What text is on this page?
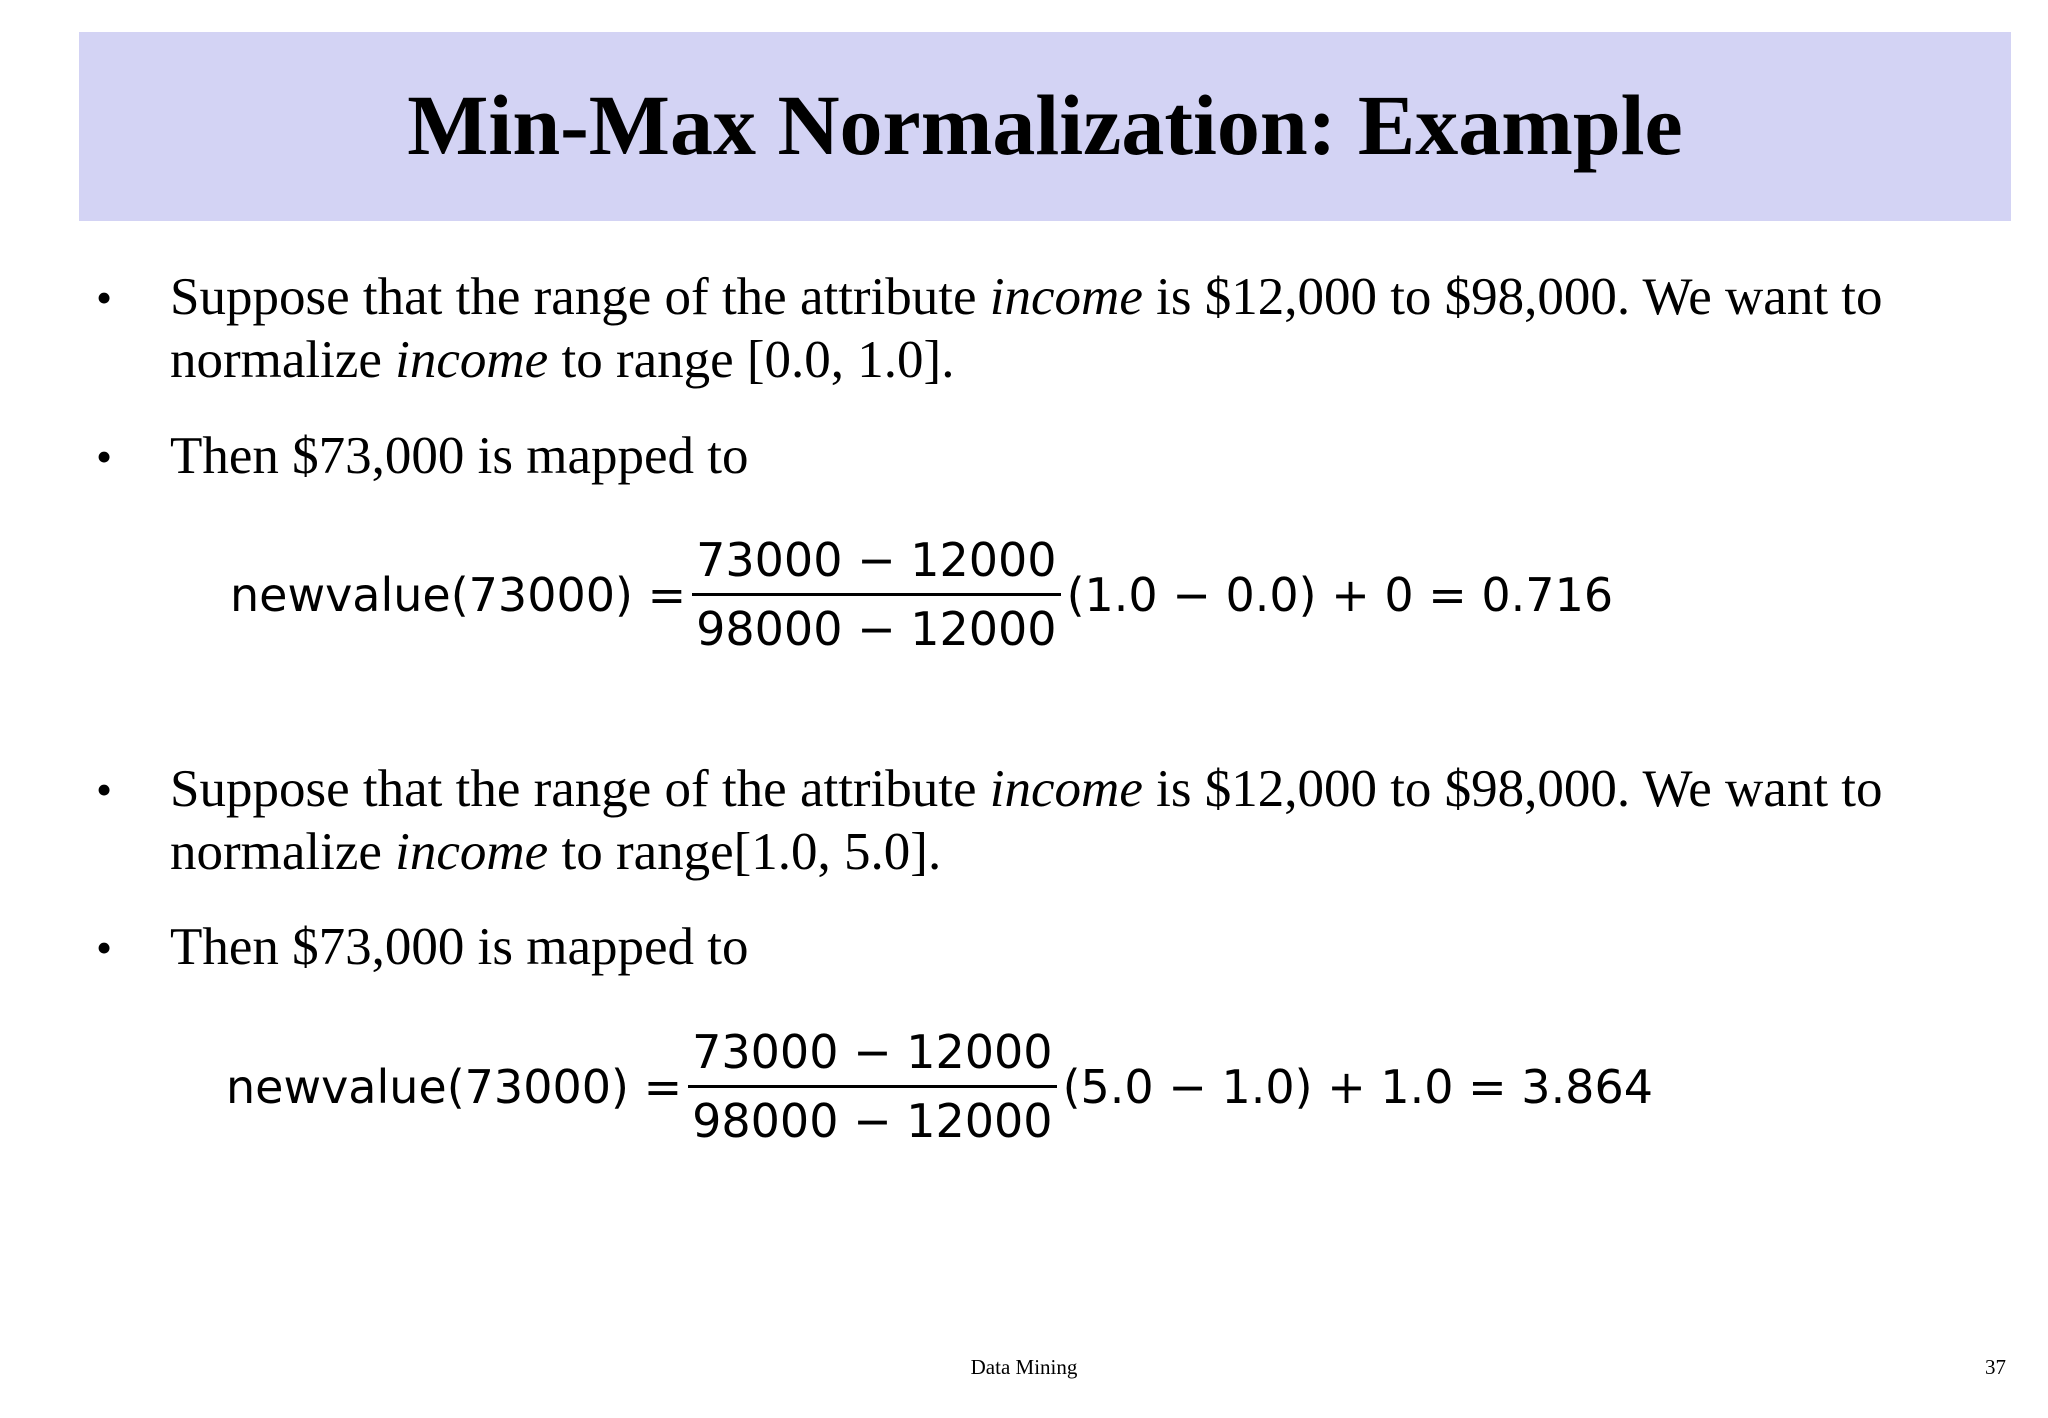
Min-Max Normalization: Example
•	Suppose that the range of the attribute income is $12,000 to $98,000. We want to normalize income to range [0.0, 1.0].
•	Then $73,000 is mapped to
newvalue(73000) = $\frac{73000 - 12000}{98000 - 12000} (1.0 - 0.0) + 0 = 0.716$
•	Suppose that the range of the attribute income is $12,000 to $98,000. We want to normalize income to range[1.0, 5.0].
•	Then $73,000 is mapped to
newvalue(73000) = $\frac{73000 - 12000}{98000 - 12000} (5.0 - 1.0) + 1.0 = 3.864$
Data Mining	37
